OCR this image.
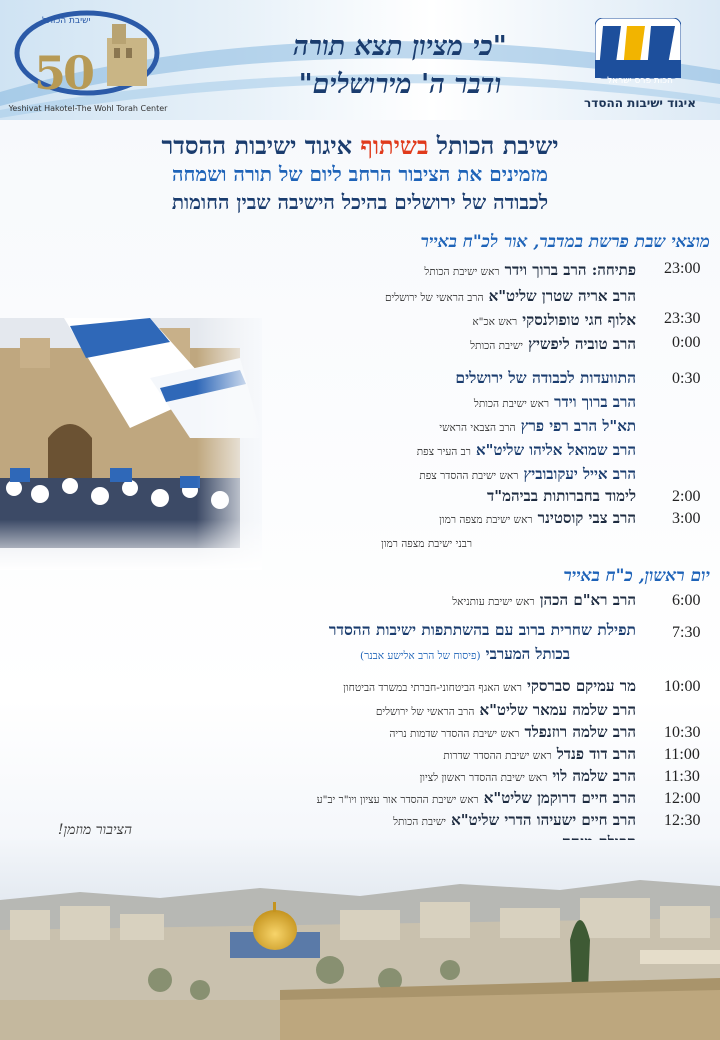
הכות פרס ישראל
איגוד ישיבות ההסדר
ישיבת הכותל
50
Yeshivat Hakotel-The Wohl Torah Center
"כי מציון תצא תורה
ודבר ה' מירושלים"
ישיבת הכותל בשיתוף איגוד ישיבות ההסדר
מזמינים את הציבור הרחב ליום של תורה ושמחה
לכבודה של ירושלים בהיכל הישיבה שבין החומות
מוצאי שבת פרשת במדבר, אור לכ"ח באייר
23:00
פתיחה: הרב ברוך וידר ראש ישיבת הכותל
הרב אריה שטרן שליט"א הרב הראשי של ירושלים
23:30
אלוף חגי טופולנסקי ראש אכ"א
0:00
הרב טוביה ליפשיץ ישיבת הכותל
0:30
התוועדות לכבודה של ירושלים
הרב ברוך וידר ראש ישיבת הכותל
תא"ל הרב רפי פרץ הרב הצבאי הראשי
הרב שמואל אליהו שליט"א רב העיר צפת
הרב אייל יעקובוביץ ראש ישיבת ההסדר צפת
2:00
לימוד בחברותות בביהמ"ד
3:00
הרב צבי קוסטינר ראש ישיבת מצפה רמון
רבני ישיבת מצפה רמון
יום ראשון, כ"ח באייר
6:00
הרב רא"ם הכהן ראש ישיבת עותניאל
7:30
תפילת שחרית ברוב עם בהשתתפות ישיבות ההסדר
בכותל המערבי (פיסוח של הרב אלישע אבנר)
10:00
מר עמיקם סברסקי ראש האגף הביטחוני-חברתי במשרד הביטחון
הרב שלמה עמאר שליט"א הרב הראשי של ירושלים
10:30
הרב שלמה רוזנפלד ראש ישיבת ההסדר שדמות נריה
11:00
הרב דוד פנדל ראש ישיבת ההסדר שדרות
11:30
הרב שלמה לוי ראש ישיבת ההסדר ראשון לציון
12:00
הרב חיים דרוקמן שליט"א ראש ישיבת ההסדר אור עציון ויו"ר יב"ע
12:30
הרב חיים ישעיהו הדרי שליט"א ישיבת הכותל
הציבור מוזמן!
